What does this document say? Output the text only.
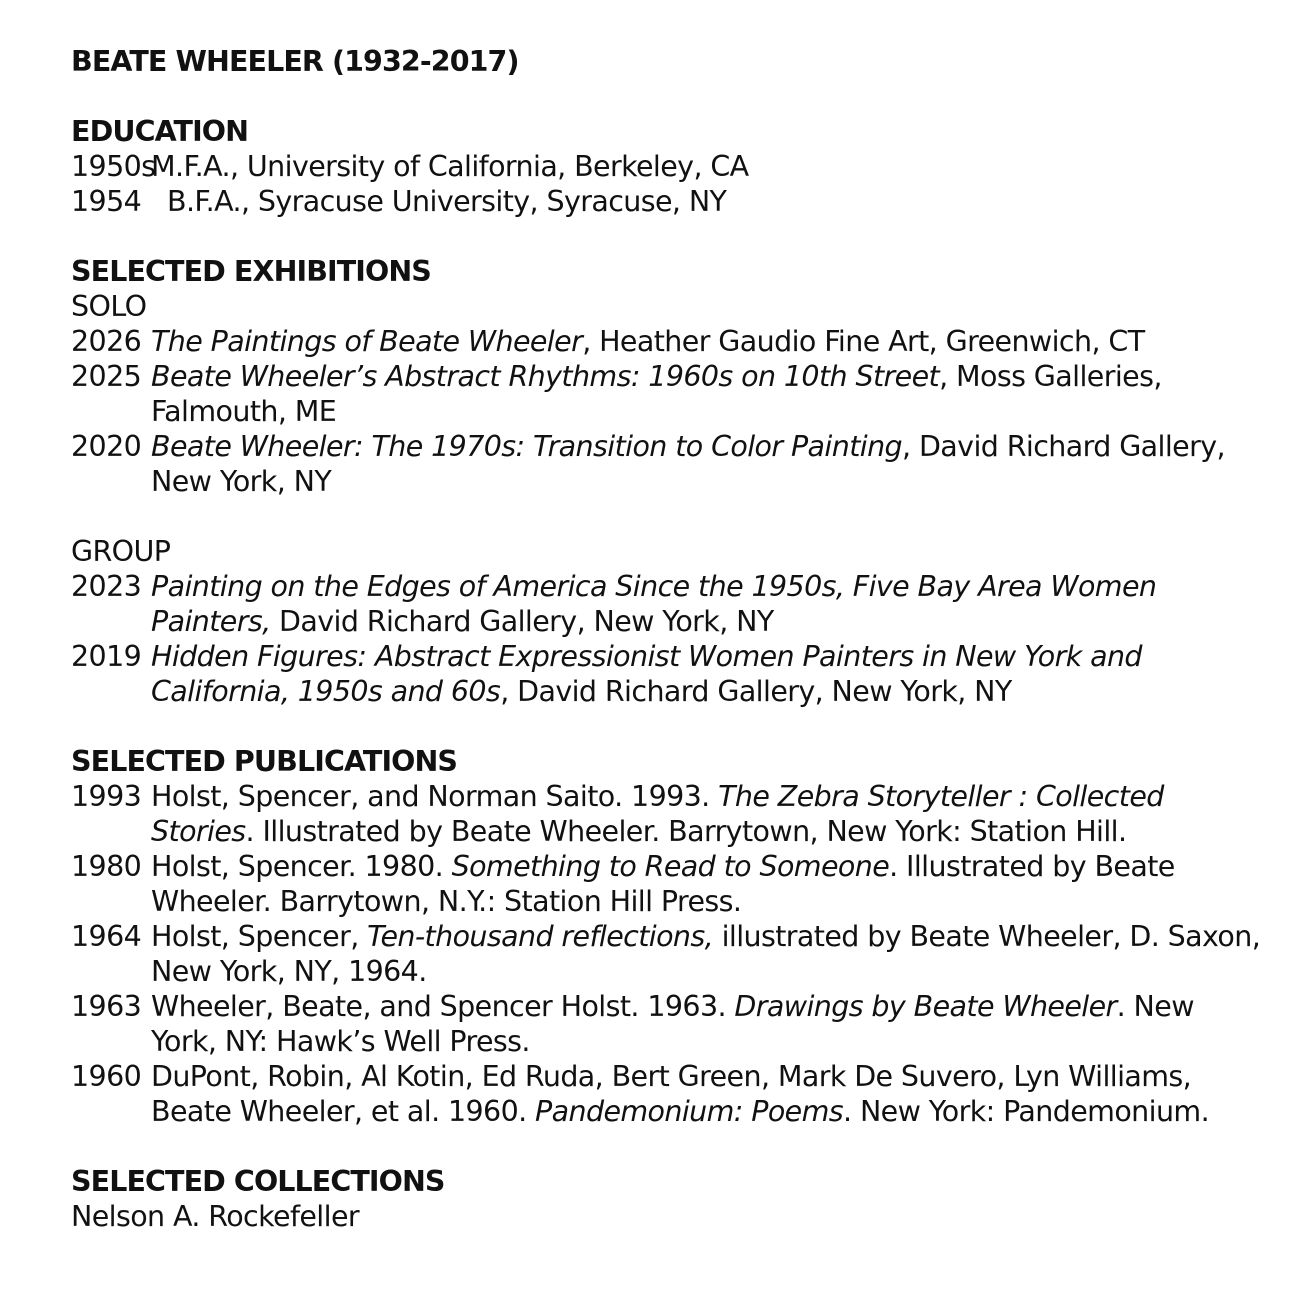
BEATE WHEELER (1932-2017)
EDUCATION
1950s
M.F.A., University of California, Berkeley, CA
1954 B.F.A., Syracuse University, Syracuse, NY
SELECTED EXHIBITIONS
SOLO
2026 The Paintings of Beate Wheeler, Heather Gaudio Fine Art, Greenwich, CT
2025 Beate Wheeler’s Abstract Rhythms: 1960s on 10th Street, Moss Galleries, Falmouth, ME
2020 Beate Wheeler: The 1970s: Transition to Color Painting, David Richard Gallery, New York, NY
GROUP
2023 Painting on the Edges of America Since the 1950s, Five Bay Area Women Painters, David Richard Gallery, New York, NY
2019 Hidden Figures: Abstract Expressionist Women Painters in New York and California, 1950s and 60s, David Richard Gallery, New York, NY
SELECTED PUBLICATIONS
1993 Holst, Spencer, and Norman Saito. 1993. The Zebra Storyteller : Collected Stories. Illustrated by Beate Wheeler. Barrytown, New York: Station Hill.
1980 Holst, Spencer. 1980. Something to Read to Someone. Illustrated by Beate Wheeler. Barrytown, N.Y.: Station Hill Press.
1964 Holst, Spencer, Ten-thousand reflections, illustrated by Beate Wheeler, D. Saxon, New York, NY, 1964.
1963 Wheeler, Beate, and Spencer Holst. 1963. Drawings by Beate Wheeler. New York, NY: Hawk’s Well Press.
1960 DuPont, Robin, Al Kotin, Ed Ruda, Bert Green, Mark De Suvero, Lyn Williams, Beate Wheeler, et al. 1960. Pandemonium: Poems. New York: Pandemonium.
SELECTED COLLECTIONS
Nelson A. Rockefeller
